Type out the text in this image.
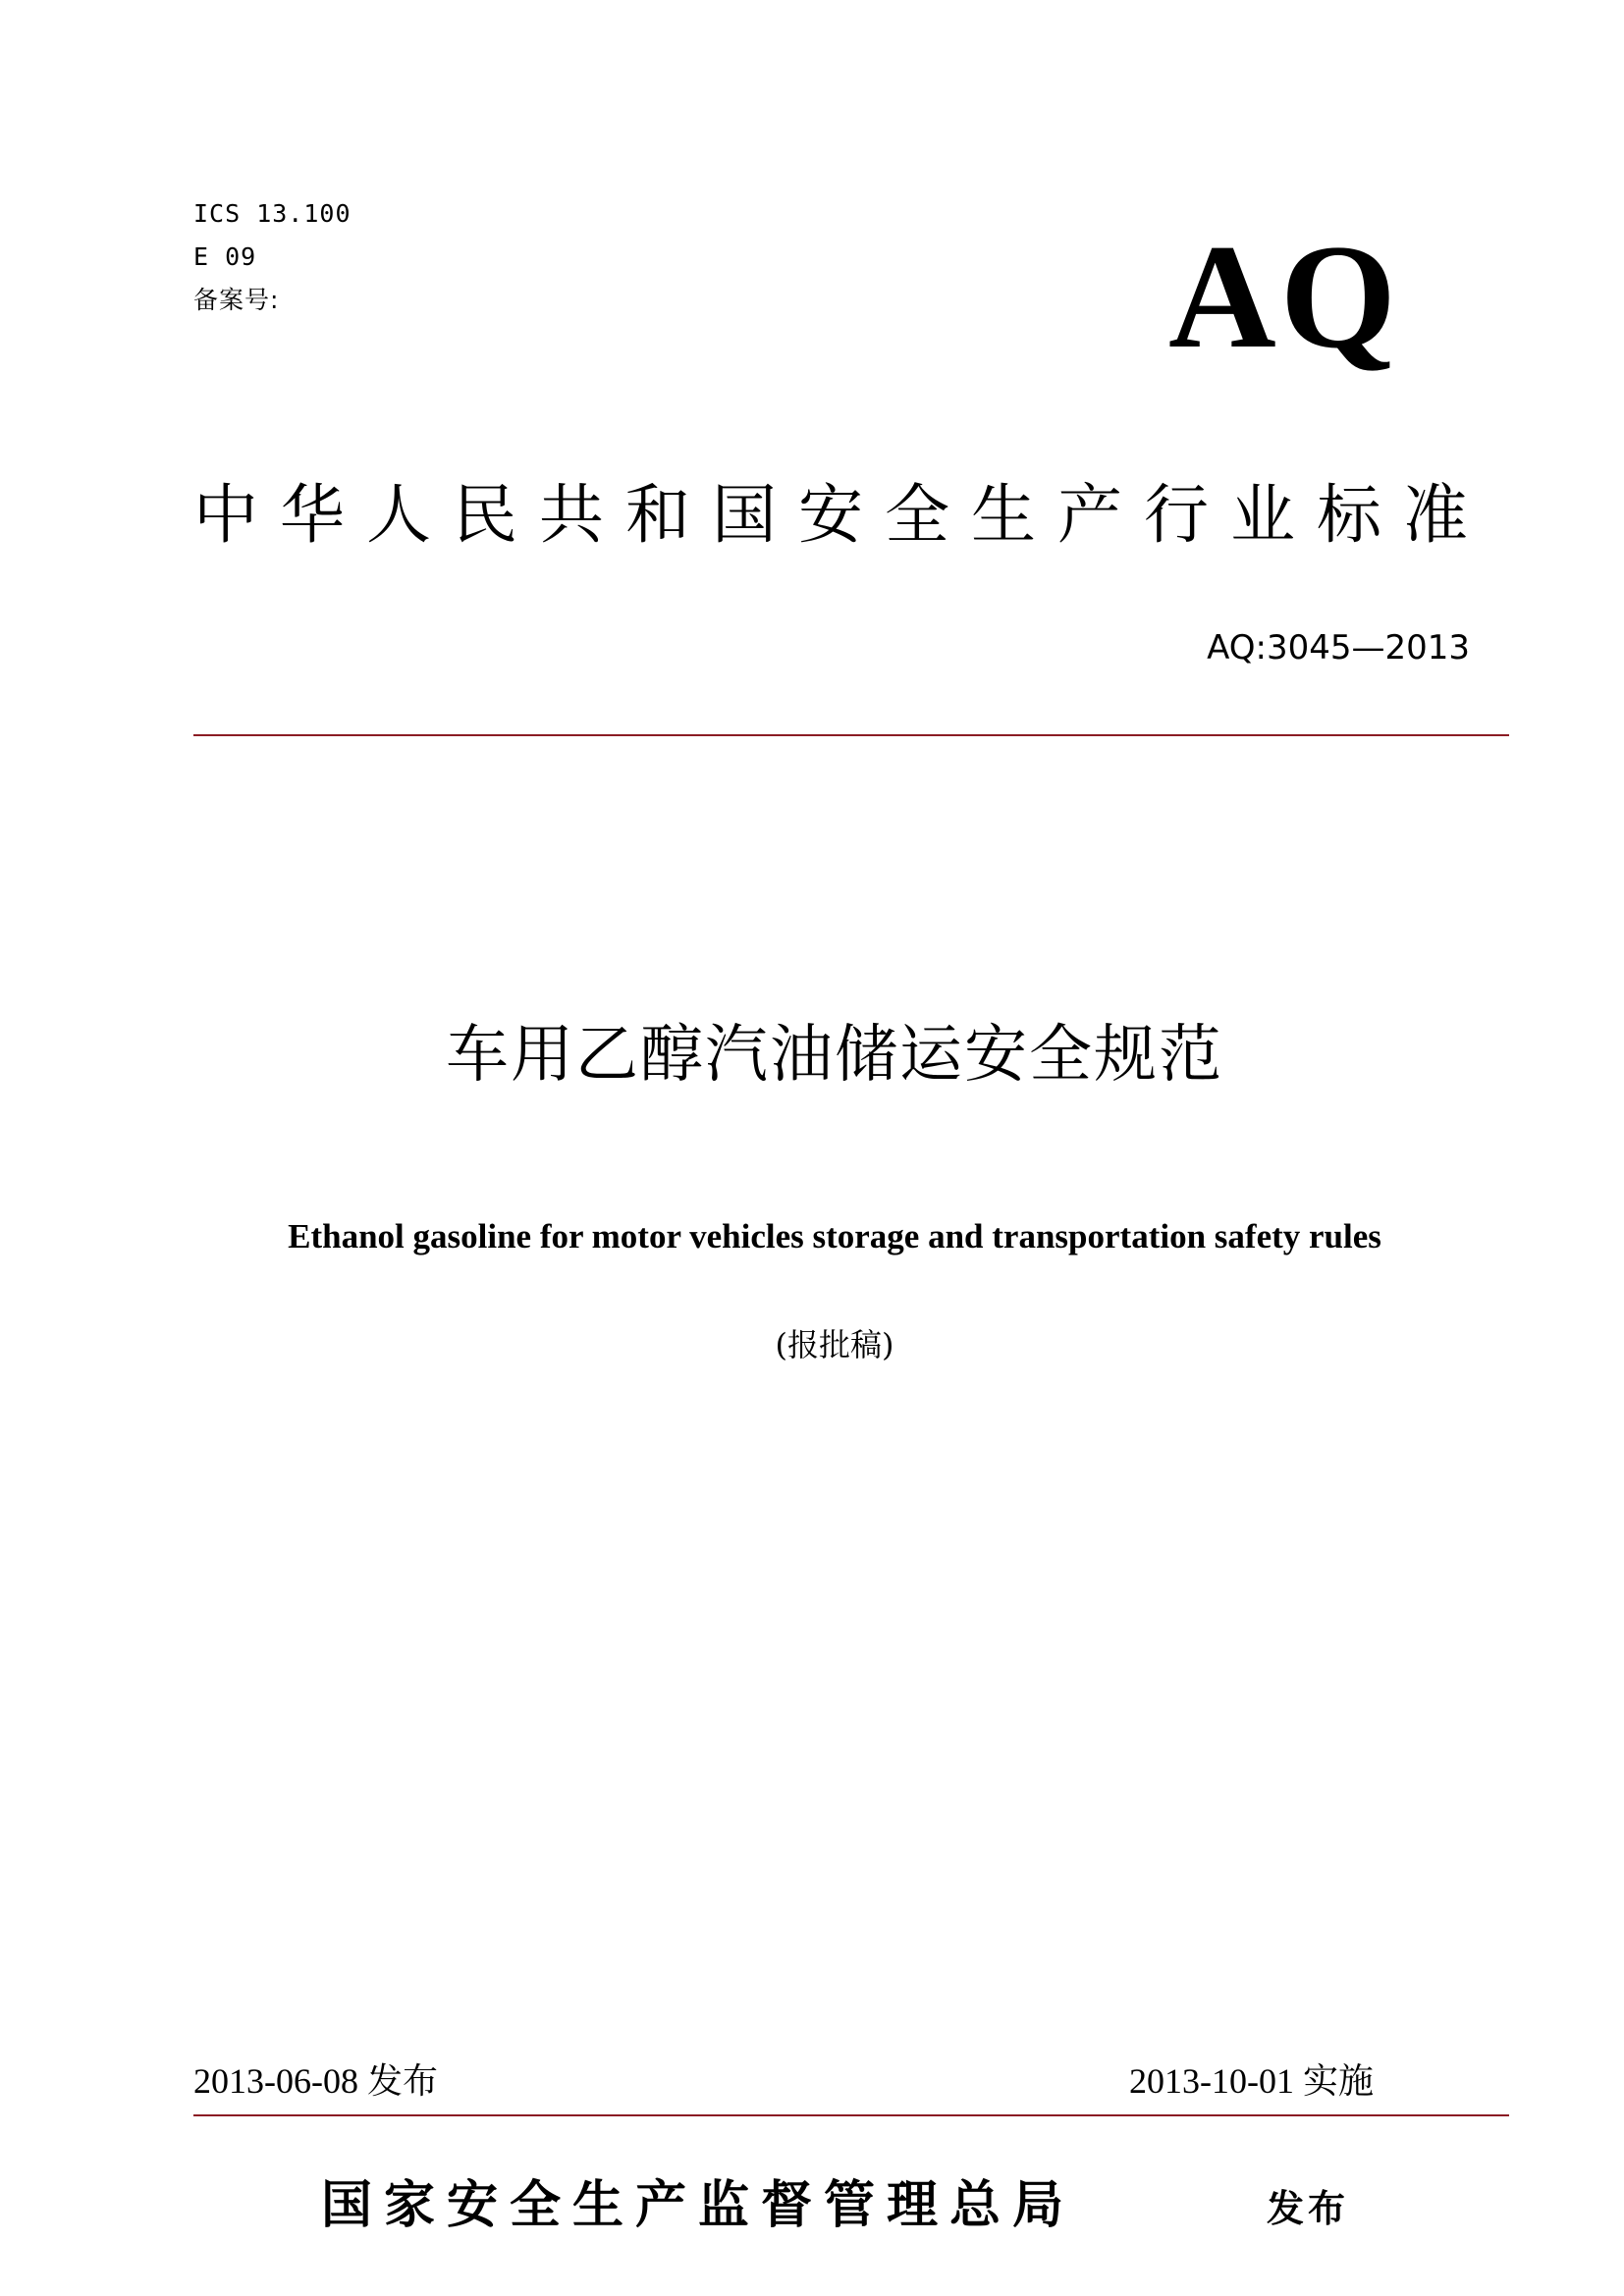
ICS 13.100
E 09
备案号:	AQ
中华人民共和国安全生产行业标准
AQ:3045—2013
车用乙醇汽油储运安全规范
Ethanol gasoline for motor vehicles storage and transportation safety rules
(报批稿)
2013-06-08 发布	2013-10-01 实施
国家安全生产监督管理总局	发布
